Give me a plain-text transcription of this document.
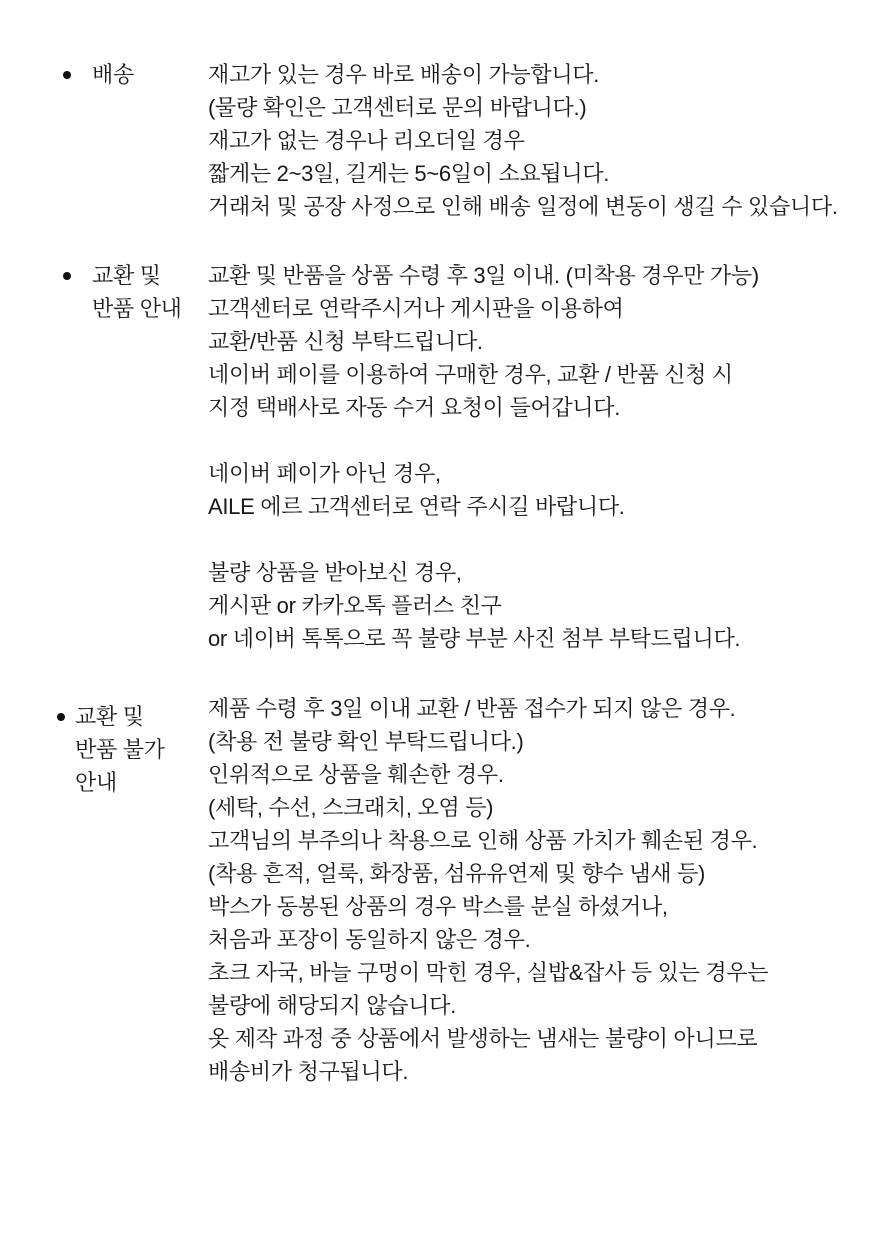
배송	재고가 있는 경우 바로 배송이 가능합니다.
(물량 확인은 고객센터로 문의 바랍니다.)
재고가 없는 경우나 리오더일 경우
짧게는 2~3일, 길게는 5~6일이 소요됩니다.
거래처 및 공장 사정으로 인해 배송 일정에 변동이 생길 수 있습니다.
교환 및
반품 안내
교환 및 반품을 상품 수령 후 3일 이내. (미착용 경우만 가능)
고객센터로 연락주시거나 게시판을 이용하여
교환/반품 신청 부탁드립니다.
네이버 페이를 이용하여 구매한 경우, 교환 / 반품 신청 시
지정 택배사로 자동 수거 요청이 들어갑니다.

네이버 페이가 아닌 경우,
AILE 에르 고객센터로 연락 주시길 바랍니다.

불량 상품을 받아보신 경우,
게시판 or 카카오톡 플러스 친구
or 네이버 톡톡으로 꼭 불량 부분 사진 첨부 부탁드립니다.
교환 및
반품 불가
안내
제품 수령 후 3일 이내 교환 / 반품 접수가 되지 않은 경우.
(착용 전 불량 확인 부탁드립니다.)
인위적으로 상품을 훼손한 경우.
(세탁, 수선, 스크래치, 오염 등)
고객님의 부주의나 착용으로 인해 상품 가치가 훼손된 경우.
(착용 흔적, 얼룩, 화장품, 섬유유연제 및 향수 냄새 등)
박스가 동봉된 상품의 경우 박스를 분실 하셨거나,
처음과 포장이 동일하지 않은 경우.
초크 자국, 바늘 구멍이 막힌 경우, 실밥&잡사 등 있는 경우는
불량에 해당되지 않습니다.
옷 제작 과정 중 상품에서 발생하는 냄새는 불량이 아니므로
배송비가 청구됩니다.
